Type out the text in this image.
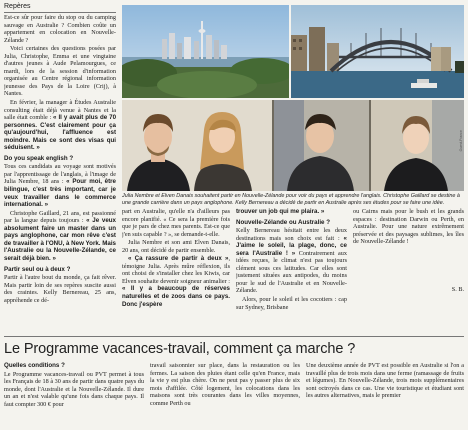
Repères

Est-ce sûr pour faire du stop ou du camping sauvage en Australie ? Combien coûte un appartement en colocation en Nouvelle-Zélande ?

Voici certaines des questions posées par Julia, Christophe, Emma et une vingtaine d'autres jeunes à Aude Pelamourgues, ce mardi, lors de la session d'information organisée au Centre régional information jeunesse des Pays de la Loire (Crij), à Nantes.

En février, la manager à Études Australie consulting était déjà venue à Nantes et la salle était comble : « Il y avait plus de 70 personnes. C'est clairement pour ça qu'aujourd'hui, l'affluence est moindre. Mais ce sont des visas qui séduisent. »

Do you speak english ?

Tous ces candidats au voyage sont motivés par l'apprentissage de l'anglais, à l'image de Julia Nembre, 18 ans : « Pour moi, être bilingue, c'est très important, car je veux travailler dans le commerce international. »

Christophe Gaillard, 21 ans, est passionné par la langue depuis toujours : « Je veux absolument faire un master dans un pays anglophone, car mon rêve c'est de travailler à l'ONU, à New York. Mais l'Australie ou la Nouvelle-Zélande, ce serait déjà bien. »

Partir seul ou à deux ?

Partir à l'autre bout du monde, ça fait rêver. Mais partir loin de ses repères suscite aussi des craintes. Kelly Bernereau, 25 ans, appréhende ce dé-

Ouest-France
Julia Nembre et Elven Danais souhaitent partir en Nouvelle-Zélande pour voir du pays et apprendre l'anglais. Christophe Gaillard se destine à une grande carrière dans un pays anglophone. Kelly Bernereau a décidé de partir en Australie après ses études pour se faire une idée.

part en Australie, qu'elle n'a d'ailleurs pas encore planifié. « Ce sera la première fois que je pars de chez mes parents. Est-ce que j'en suis capable ? », se demande-t-elle.

Julia Nembre et son ami Elven Danais, 20 ans, ont décidé de partir ensemble.

« Ça rassure de partir à deux », témoigne Julia. Après mûre réflexion, ils ont choisi de s'installer chez les Kiwis, car Elven souhaite devenir soigneur animalier : « Il y a beaucoup de réserves naturelles et de zoos dans ce pays. Donc j'espère

trouver un job qui me plaira. »

Nouvelle-Zélande ou Australie ?

Kelly Bernereau hésitait entre les deux destinations mais son choix est fait : « J'aime le soleil, la plage, donc, ce sera l'Australie ! » Contrairement aux idées reçues, le climat n'est pas toujours clément sous ces latitudes. Car elles sont justement situées aux antipodes, du moins pour le sud de l'Australie et en Nouvelle-Zélande.

Alors, pour le soleil et les cocotiers : cap sur Sydney, Brisbane

ou Cairns mais pour le bush et les grands espaces : destination Darwin ou Perth, en Australie. Pour une nature extrêmement préservée et des paysages sublimes, les îles de Nouvelle-Zélande !

S. B.
Le Programme vacances-travail, comment ça marche ?

Quelles conditions ?

Le Programme vacances-travail ou PVT permet à tous les Français de 18 à 30 ans de partir dans quatre pays du monde, dont l'Australie et la Nouvelle-Zélande. Il dure un an et n'est valable qu'une fois dans chaque pays. Il faut compter 300 € pour

travail saisonnier sur place, dans la restauration ou les fermes. La saison des pluies étant celle qu'en France, mais la vie y est plus chère. On ne peut pas y passer plus de six mois d'affilée. Côté logement, les colocations dans les maisons sont très courantes dans les villes moyennes, comme Perth ou

Une deuxième année de PVT est possible en Australie si l'on a travaillé plus de trois mois dans une ferme (ramassage de fruits et légumes). En Nouvelle-Zélande, trois mois supplémentaires sont octroyés dans ce cas. Une vie touristique et étudiant sont les autres alternatives, mais le premier
